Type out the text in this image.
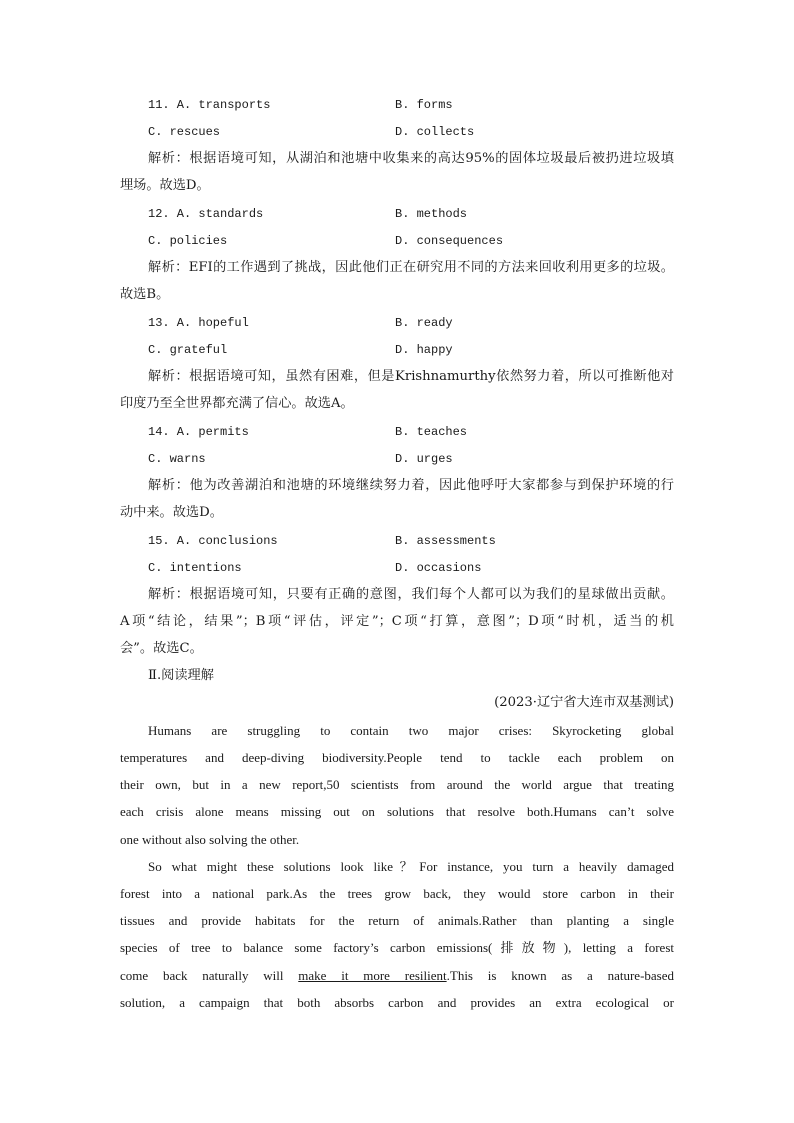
11. A. transports	B. forms
C. rescues	D. collects
解析：根据语境可知，从湖泊和池塘中收集来的高达95%的固体垃圾最后被扔进垃圾填
埋场。故选D。
12. A. standards	B. methods
C. policies	D. consequences
解析：EFI的工作遇到了挑战，因此他们正在研究用不同的方法来回收利用更多的垃圾。
故选B。
13. A. hopeful	B. ready
C. grateful	D. happy
解析：根据语境可知，虽然有困难，但是Krishnamurthy依然努力着，所以可推断他对
印度乃至全世界都充满了信心。故选A。
14. A. permits	B. teaches
C. warns	D. urges
解析：他为改善湖泊和池塘的环境继续努力着，因此他呼吁大家都参与到保护环境的行
动中来。故选D。
15. A. conclusions	B. assessments
C. intentions	D. occasions
解析：根据语境可知，只要有正确的意图，我们每个人都可以为我们的星球做出贡献。
A项“结论，结果”；B项“评估，评定”；C项“打算，意图”；D项“时机，适当的机
会”。故选C。
Ⅱ.阅读理解
(2023·辽宁省大连市双基测试)
Humans are struggling to contain two major crises: Skyrocketing global
temperatures and deep-diving biodiversity.People tend to tackle each problem on
their own, but in a new report,50 scientists from around the world argue that treating
each crisis alone means missing out on solutions that resolve both.Humans can’t solve
one without also solving the other.
So what might these solutions look like？For instance, you turn a heavily damaged
forest into a national park.As the trees grow back, they would store carbon in their
tissues and provide habitats for the return of animals.Rather than planting a single
species of tree to balance some factory’s carbon emissions(排放物), letting a forest
come back naturally will make it more resilient.This is known as a nature-based
solution, a campaign that both absorbs carbon and provides an extra ecological or
